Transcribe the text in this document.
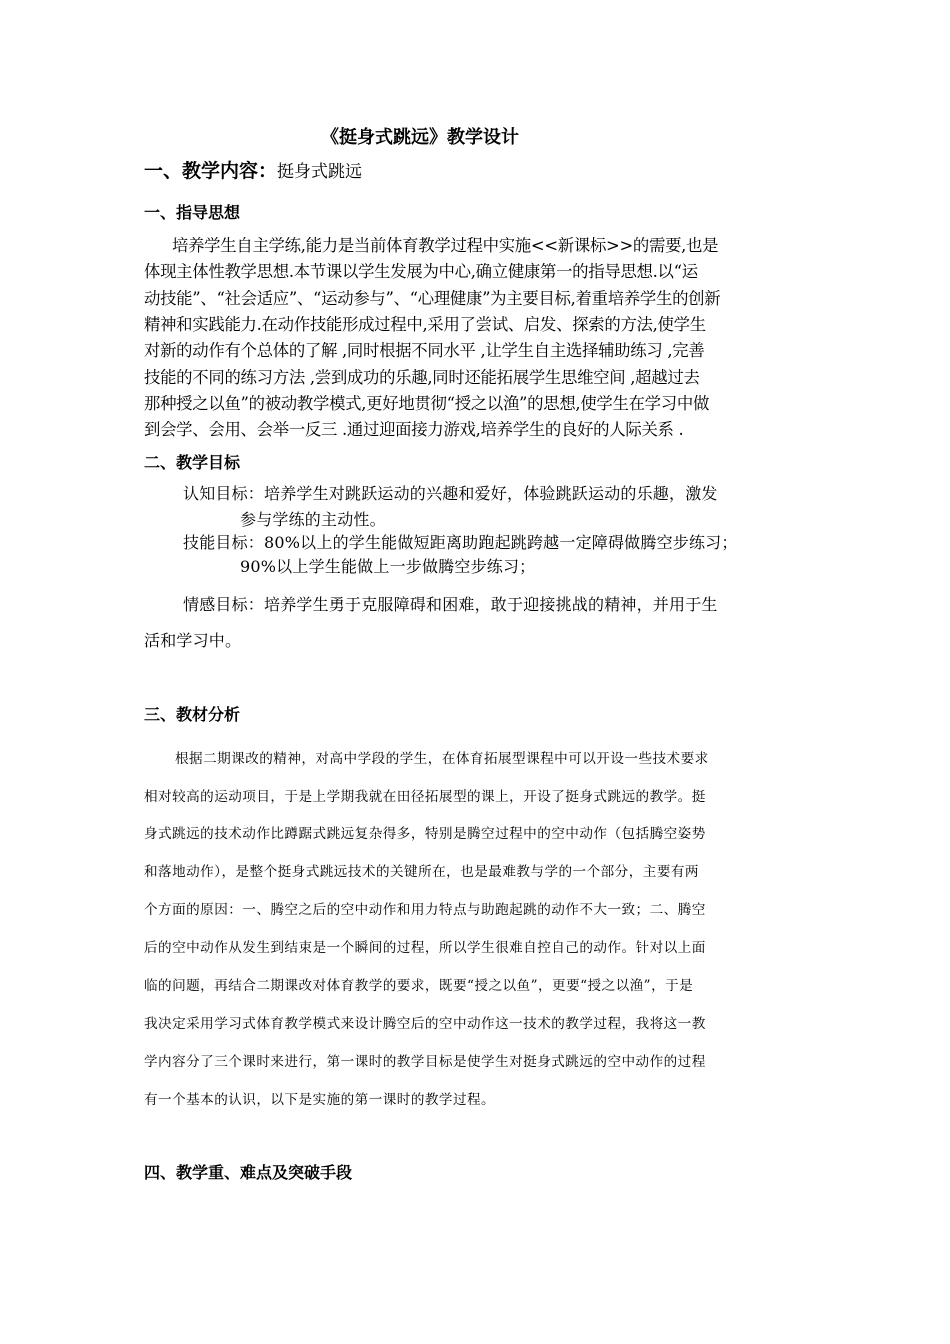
《挺身式跳远》教学设计
一、教学内容：挺身式跳远
一、指导思想
培养学生自主学练,能力是当前体育教学过程中实施<<新课标>>的需要,也是
体现主体性教学思想.本节课以学生发展为中心,确立健康第一的指导思想.以“运
动技能”、“社会适应”、“运动参与”、“心理健康”为主要目标,着重培养学生的创新
精神和实践能力.在动作技能形成过程中,采用了尝试、启发、探索的方法,使学生
对新的动作有个总体的了解 ,同时根据不同水平 ,让学生自主选择辅助练习 ,完善
技能的不同的练习方法 ,尝到成功的乐趣,同时还能拓展学生思维空间 ,超越过去
那种授之以鱼”的被动教学模式,更好地贯彻“授之以渔”的思想,使学生在学习中做
到会学、会用、会举一反三 .通过迎面接力游戏,培养学生的良好的人际关系 .
二、教学目标
认知目标：培养学生对跳跃运动的兴趣和爱好，体验跳跃运动的乐趣，激发
参与学练的主动性。
技能目标：80%以上的学生能做短距离助跑起跳跨越一定障碍做腾空步练习；
90%以上学生能做上一步做腾空步练习；
情感目标：培养学生勇于克服障碍和困难，敢于迎接挑战的精神，并用于生
活和学习中。
三、教材分析
根据二期课改的精神，对高中学段的学生，在体育拓展型课程中可以开设一些技术要求
相对较高的运动项目，于是上学期我就在田径拓展型的课上，开设了挺身式跳远的教学。挺
身式跳远的技术动作比蹲踞式跳远复杂得多，特别是腾空过程中的空中动作（包括腾空姿势
和落地动作），是整个挺身式跳远技术的关键所在，也是最难教与学的一个部分，主要有两
个方面的原因：一、腾空之后的空中动作和用力特点与助跑起跳的动作不大一致；二、腾空
后的空中动作从发生到结束是一个瞬间的过程，所以学生很难自控自己的动作。针对以上面
临的问题，再结合二期课改对体育教学的要求，既要“授之以鱼”，更要“授之以渔”，于是
我决定采用学习式体育教学模式来设计腾空后的空中动作这一技术的教学过程，我将这一教
学内容分了三个课时来进行，第一课时的教学目标是使学生对挺身式跳远的空中动作的过程
有一个基本的认识，以下是实施的第一课时的教学过程。
四、教学重、难点及突破手段
